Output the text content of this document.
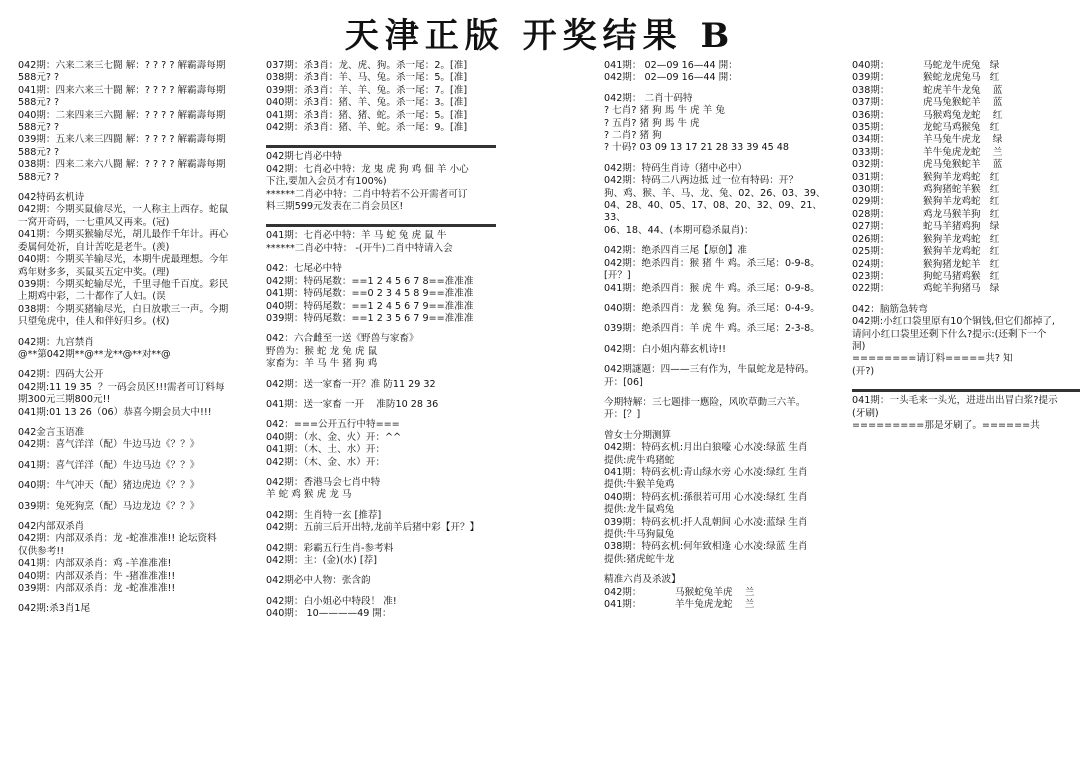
天津正版 开奖结果 B
042期：六来二来三七闘 解：? ? ? ? 解霸壽每期
588元? ?
041期：四来六来三十闘 解：? ? ? ? 解霸壽每期
588元? ?
040期：二来四来三六闘 解：? ? ? ? 解霸壽每期
588元? ?
039期：五来八来三四闘 解：? ? ? ? 解霸壽每期
588元? ?
038期：四来二来六八闘 解：? ? ? ? 解霸壽每期
588元? ?
042特码玄机诗
042期：今期买鼠偷尽光，一人称主上西存。蛇鼠
一窝开奇码，一七重风又再来。(冠)
041期：今期买猴输尽光，胡儿最作千年计。再心
委属何处祈，自计苦吃是老牛。(羡)
040期：今期买羊输尽光，本期牛虎最理想。今年
鸡年财多多，买鼠买五定中奖。(理)
039期：今期买蛇输尽光，千里寻他千百度。彩民
上期鸡中彩，二十都作了人妇。(误
038期：今期买猪输尽光，白日放歌三一声。今期
只望兔虎中，佳人和伴好归乡。(权)
042期：九宫禁肖
@**第042期**@**龙**@**对**@
042期：四码大公开
042期:11 19 35  ？一码会员区!!!需者可订料每
期300元三期800元!!
041期:01 13 26（06）恭喜今期会员大中!!!
042金言玉语准
042期：喜气洋洋（配）牛边马边《？？》
041期：喜气洋洋（配）牛边马边《？？》
040期：牛气冲天（配）猪边虎边《？？》
039期：兔死狗烹（配）马边龙边《？？》
042内部双杀肖
042期：内部双杀肖：龙 -蛇准准准!! 论坛资料
仅供参考!!
041期：内部双杀肖：鸡 -羊准准准!
040期：内部双杀肖：牛 -猪准准准!!
039期：内部双杀肖：龙 -蛇准准准!!
042期:杀3肖1尾
037期：杀3肖：龙、虎、狗。杀一尾：2。[准]
038期：杀3肖：羊、马、兔。杀一尾：5。[准]
039期：杀3肖：羊、羊、兔。杀一尾：7。[准]
040期：杀3肖：猪、羊、兔。杀一尾：3。[准]
041期：杀3肖：猪、猪、蛇。杀一尾：5。[准]
042期：杀3肖：猪、羊、蛇。杀一尾：9。[准]
042期七肖必中特
042期：七肖必中特：龙 鬼 虎 狗 鸡 佃 羊 小心
下注,要加入会员才有100%)
******二肖必中特：二肖中特若不公开需者可订
料三期599元发表在二肖会员区!
041期：七肖必中特：羊 马 蛇 兔 虎 鼠 牛
******二肖必中特： -(开牛)二肖中特请入会
042：七尾必中特
042期：特码尾数：==1 2 4 5 6 7 8==准准准
041期：特码尾数：==0 2 3 4 5 8 9==准准准
040期：特码尾数：==1 2 4 5 6 7 9==准准准
039期：特码尾数：==1 2 3 5 6 7 9==准准准
042：六合雌至一送《野兽与家畜》
野兽为：猴 蛇 龙 兔 虎 鼠
家畜为：羊 马 牛 猪 狗 鸡
042期：送一家畜一开？准 防11 29 32
041期：送一家畜 一开    准防10 28 36
042：===公开五行中特===
040期：（水、金、火）开：^^
041期：（木、土、水）开：
042期：（木、金、水）开：
042期：香港马会七肖中特
羊 蛇 鸡 猴 虎 龙 马
042期：生肖特一玄 [推荐]
042期：五前三后开出特,龙前羊后猪中彩【开？】
042期：彩霸五行生肖-参考料
042期：主：(金)(水) [荐]
042期必中人物：张含韵
042期：白小姐必中特段！ 准!
040期： 10————49 開：
041期： 02—09 16—44 開：
042期： 02—09 16—44 開：
042期： 二肖十码特
? 七肖? 猪 狗 馬 牛 虎 羊 兔
? 五肖? 猪 狗 馬 牛 虎
? 二肖? 猪 狗
? 十码? 03 09 13 17 21 28 33 39 45 48
042期：特码生肖诗（猪中必中）
042期：特码二八两边抵 过一位有特码：开？
狗、鸡、猴、羊、马、龙、兔、02、26、03、39、
04、28、40、05、17、08、20、32、09、21、33、
06、18、44、(本期可稳杀鼠肖)：
042期：绝杀四肖三尾【原创】准
042期：绝杀四肖：猴 猪 牛 鸡。杀三尾：0-9-8。
[开？]
041期：绝杀四肖：猴 虎 牛 鸡。杀三尾：0-9-8。
040期：绝杀四肖：龙 猴 兔 狗。杀三尾：0-4-9。
039期：绝杀四肖：羊 虎 牛 鸡。杀三尾：2-3-8。
042期：白小姐内幕玄机诗!!
042期謎题：四——三有作为，牛鼠蛇龙是特码。
开：[06]
今期特解：三七题排一應险，风吹草動三六羊。
开：[？]
曾女士分期测算
042期：特码玄机:月出白狼嚎 心水凌:绿蓝 生肖
提供:虎牛鸡猪蛇
041期：特码玄机:青山绿水旁 心水凌:绿红 生肖
提供:牛猴羊兔鸡
040期：特码玄机:孫很若可用 心水凌:绿红 生肖
提供:龙牛鼠鸡兔
039期：特码玄机:扦人乱朝间 心水凌:蓝绿 生肖
提供:牛马狗鼠兔
038期：特码玄机:何年致相逢 心水凌:绿蓝 生肖
提供:猪虎蛇牛龙
精准六肖及杀波】
042期：           马猴蛇兔羊虎    兰
041期：           羊牛兔虎龙蛇    兰
040期：           马蛇龙牛虎兔   绿
039期：           猴蛇龙虎兔马   红
038期：           蛇虎羊牛龙兔    蓝
037期：           虎马兔猴蛇羊    蓝
036期：           马猴鸡兔龙蛇    红
035期：           龙蛇马鸡猴兔   红
034期：           羊马兔牛虎龙    绿
033期：           羊牛兔虎龙蛇    兰
032期：           虎马兔猴蛇羊    蓝
031期：           猴狗羊龙鸡蛇   红
030期：           鸡狗猪蛇羊猴   红
029期：           猴狗羊龙鸡蛇   红
028期：           鸡龙马猴羊狗   红
027期：           蛇马羊猪鸡狗   绿
026期：           猴狗羊龙鸡蛇   红
025期：           猴狗羊龙鸡蛇   红
024期：           猴狗猪龙蛇羊   红
023期：           狗蛇马猪鸡猴   红
022期：           鸡蛇羊狗猪马   绿
042：脑筋急转弯
042期:小红口袋里原有10个铜钱,但它们都掉了,
请问小红口袋里还剩下什么?提示:(还剩下一个
洞)
========请订料=====共? 知
(开?)
041期：一头毛来一头光，进进出出冒白浆?提示
(牙刷)
=========那是牙刷了。======共
